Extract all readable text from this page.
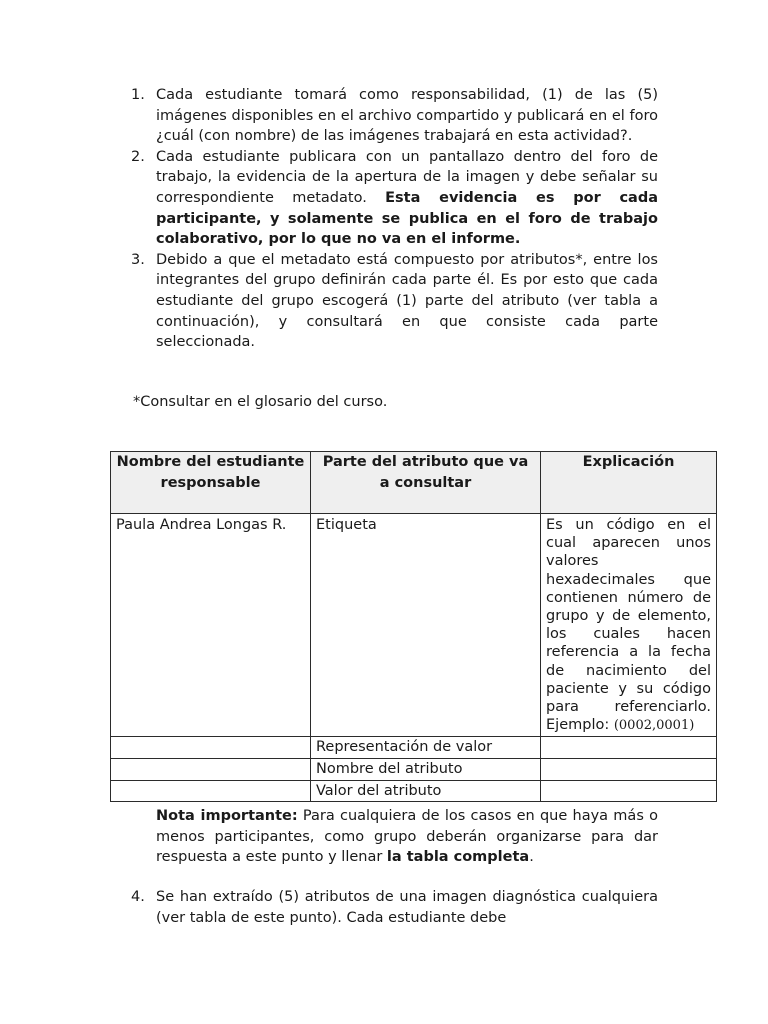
1. Cada estudiante tomará como responsabilidad, (1) de las (5) imágenes disponibles en el archivo compartido y publicará en el foro ¿cuál (con nombre) de las imágenes trabajará en esta actividad?.
2. Cada estudiante publicara con un pantallazo dentro del foro de trabajo, la evidencia de la apertura de la imagen y debe señalar su correspondiente metadato. Esta evidencia es por cada participante, y solamente se publica en el foro de trabajo colaborativo, por lo que no va en el informe.
3. Debido a que el metadato está compuesto por atributos*, entre los integrantes del grupo definirán cada parte él. Es por esto que cada estudiante del grupo escogerá (1) parte del atributo (ver tabla a continuación), y consultará en que consiste cada parte seleccionada.

*Consultar en el glosario del curso.

Nombre del estudiante responsable	Parte del atributo que va a consultar	Explicación
Paula Andrea Longas R.	Etiqueta	Es un código en el cual aparecen unos valores hexadecimales que contienen número de grupo y de elemento, los cuales hacen referencia a la fecha de nacimiento del paciente y su código para referenciarlo. Ejemplo: (0002,0001)
	Representación de valor	
	Nombre del atributo	
	Valor del atributo	

Nota importante: Para cualquiera de los casos en que haya más o menos participantes, como grupo deberán organizarse para dar respuesta a este punto y llenar la tabla completa.

4. Se han extraído (5) atributos de una imagen diagnóstica cualquiera (ver tabla de este punto). Cada estudiante debe
